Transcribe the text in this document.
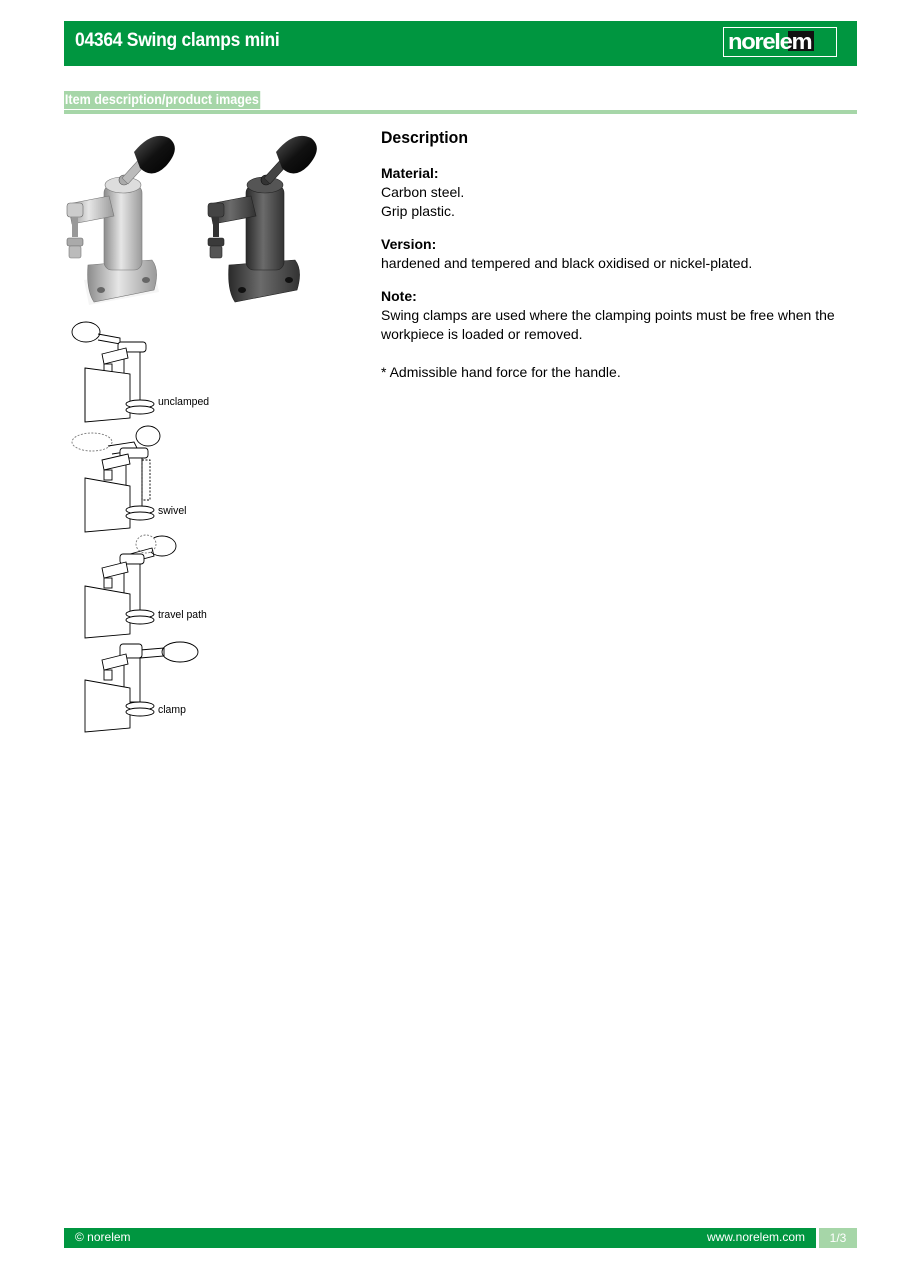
04364 Swing clamps mini	norelem
Item description/product images
unclamped
swivel
travel path
clamp
Description
Material:
Carbon steel.
Grip plastic.
Version:
hardened and tempered and black oxidised or nickel-plated.
Note:
Swing clamps are used where the clamping points must be free when the workpiece is loaded or removed.
* Admissible hand force for the handle.
© norelem	www.norelem.com	1/3
